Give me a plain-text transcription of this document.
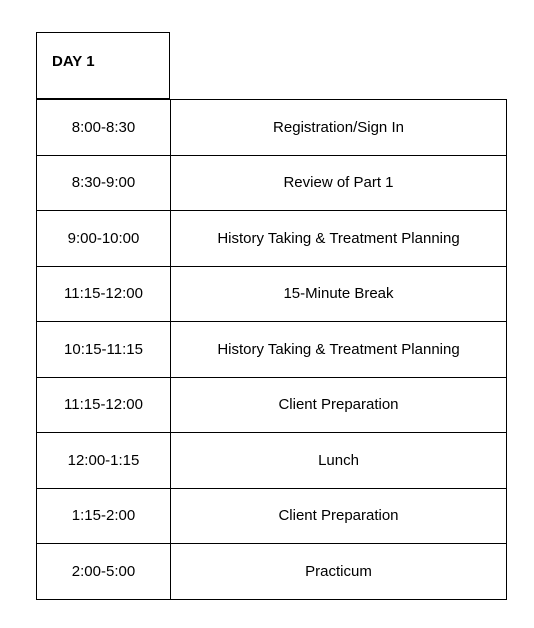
DAY 1
8:00-8:30	Registration/Sign In
8:30-9:00	Review of Part 1
9:00-10:00	History Taking & Treatment Planning
11:15-12:00	15-Minute Break
10:15-11:15	History Taking & Treatment Planning
11:15-12:00	Client Preparation
12:00-1:15	Lunch
1:15-2:00	Client Preparation
2:00-5:00	Practicum
